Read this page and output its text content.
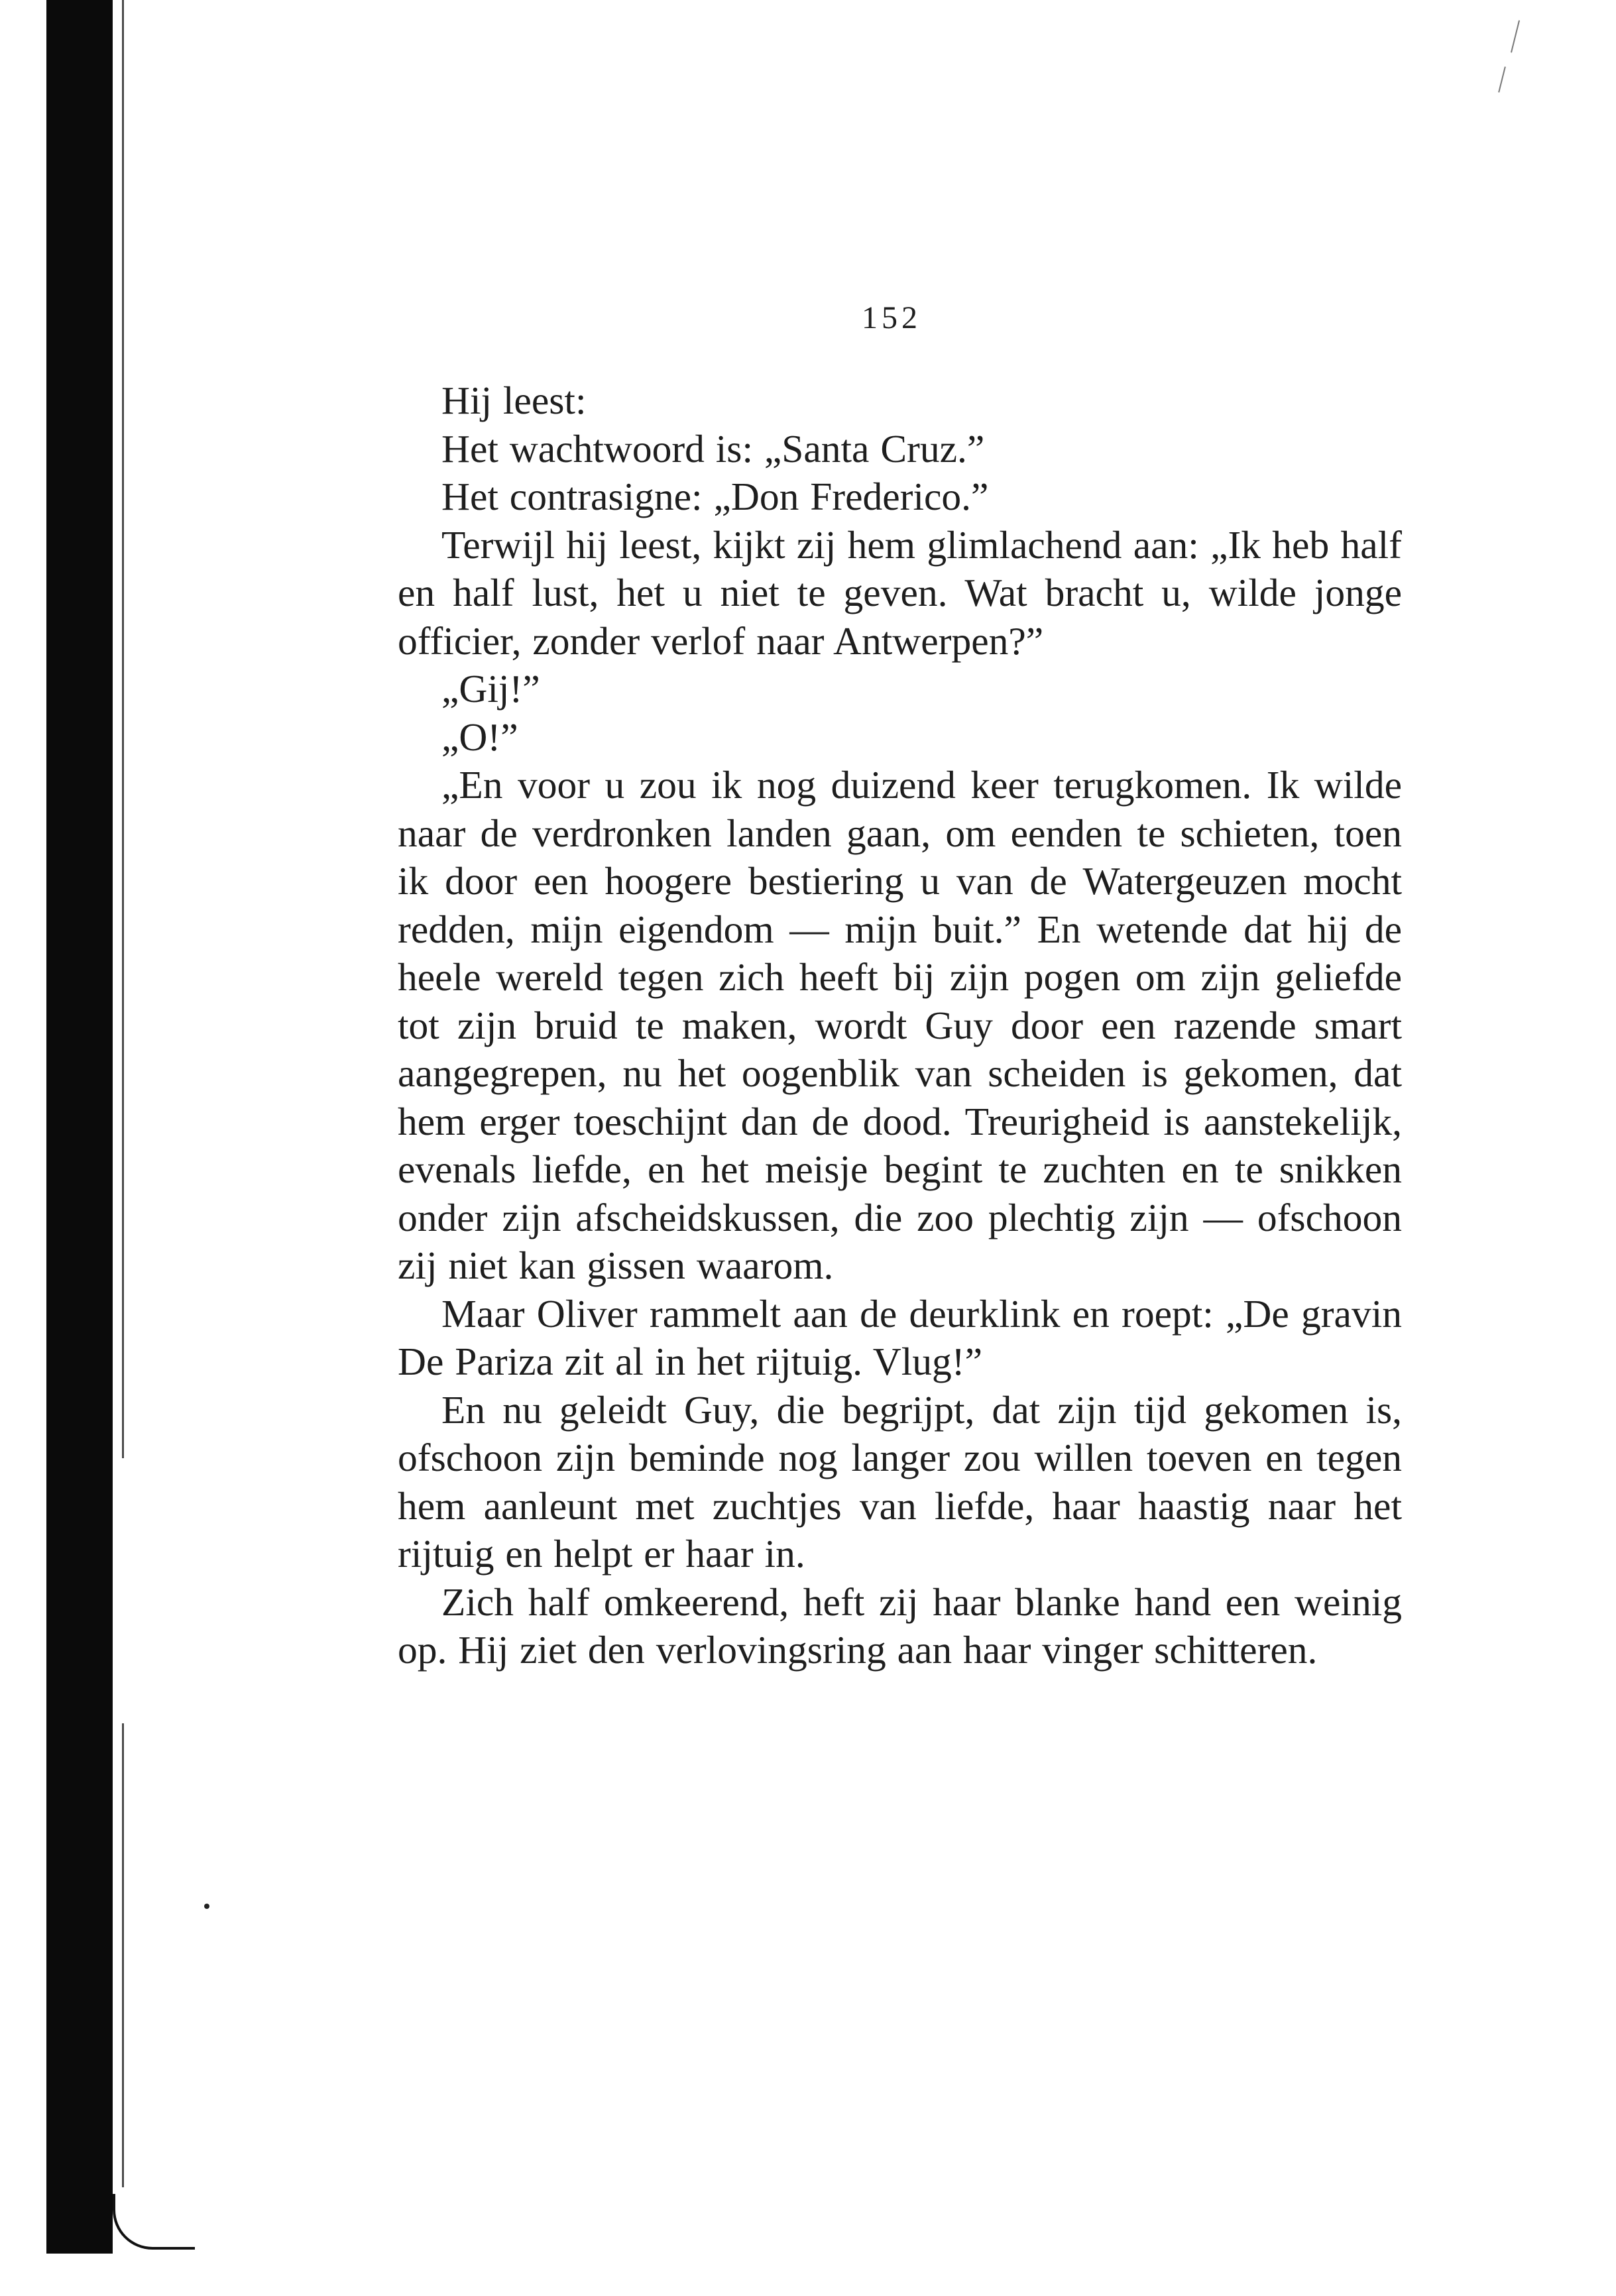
152

Hij leest:

Het wachtwoord is: „Santa Cruz.”

Het contrasigne: „Don Frederico.”

Terwijl hij leest, kijkt zij hem glimlachend aan: „Ik heb half en half lust, het u niet te geven. Wat bracht u, wilde jonge officier, zonder verlof naar Antwerpen?”

„Gij!”

„O!”

„En voor u zou ik nog duizend keer terugkomen. Ik wilde naar de verdronken landen gaan, om eenden te schieten, toen ik door een hoogere bestiering u van de Watergeuzen mocht redden, mijn eigendom — mijn buit.” En wetende dat hij de heele wereld tegen zich heeft bij zijn pogen om zijn geliefde tot zijn bruid te maken, wordt Guy door een razende smart aangegrepen, nu het oogenblik van scheiden is gekomen, dat hem erger toeschijnt dan de dood. Treurigheid is aanstekelijk, evenals liefde, en het meisje begint te zuchten en te snikken onder zijn afscheidskussen, die zoo plechtig zijn — ofschoon zij niet kan gissen waarom.

Maar Oliver rammelt aan de deurklink en roept: „De gravin De Pariza zit al in het rijtuig. Vlug!”

En nu geleidt Guy, die begrijpt, dat zijn tijd gekomen is, ofschoon zijn beminde nog langer zou willen toeven en tegen hem aanleunt met zuchtjes van liefde, haar haastig naar het rijtuig en helpt er haar in.

Zich half omkeerend, heft zij haar blanke hand een weinig op. Hij ziet den verlovingsring aan haar vinger schitteren.
